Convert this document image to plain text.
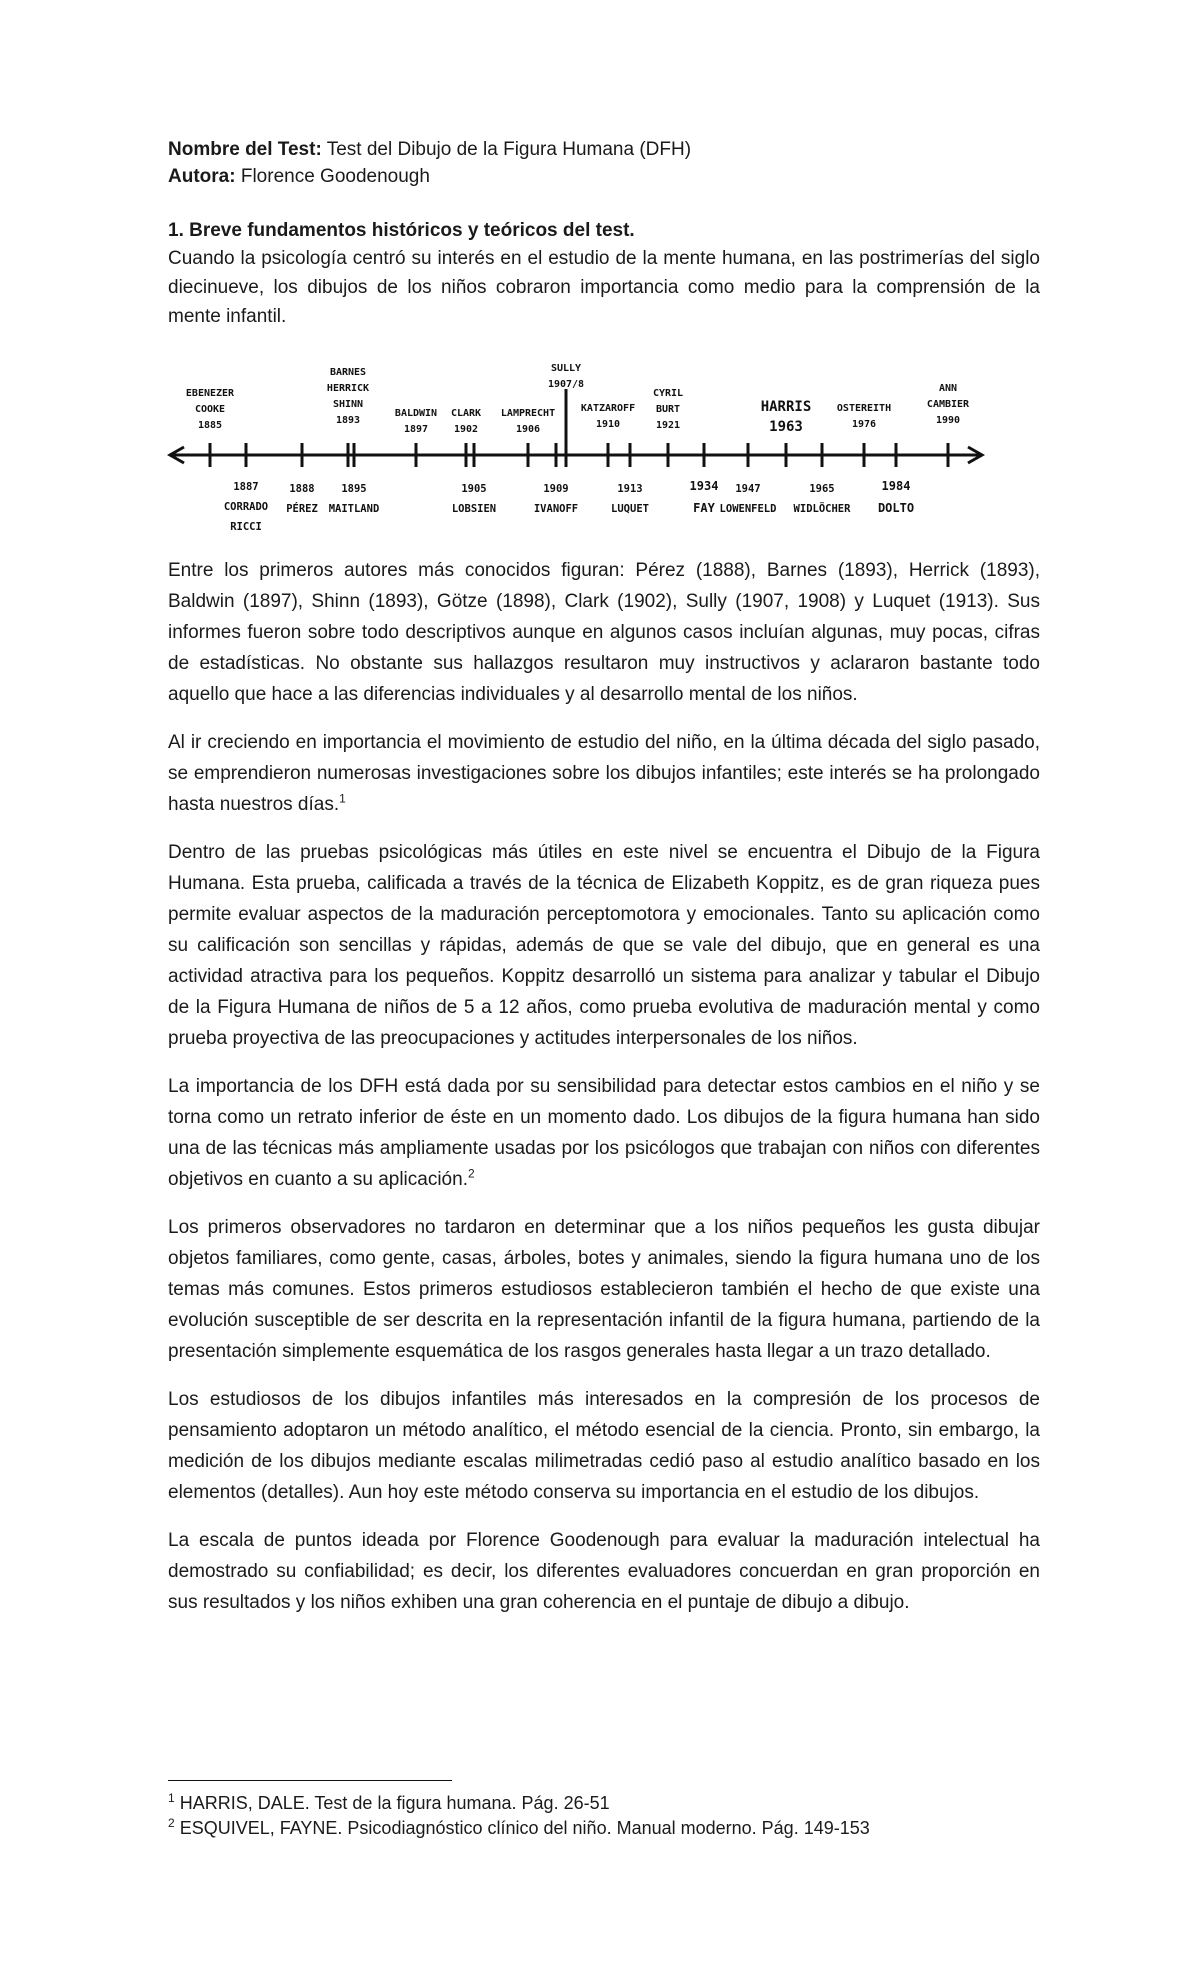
Nombre del Test: Test del Dibujo de la Figura Humana (DFH)
Autora: Florence Goodenough
1. Breve fundamentos históricos y teóricos del test.

Cuando la psicología centró su interés en el estudio de la mente humana, en las postrimerías del siglo diecinueve, los dibujos de los niños cobraron importancia como medio para la comprensión de la mente infantil.

EBENEZER
COOKE
1885
BARNES
HERRICK
SHINN
1893
BALDWIN
1897
CLARK
1902
LAMPRECHT
1906
SULLY
1907/8
KATZAROFF
1910
CYRIL
BURT
1921
HARRIS
1963
OSTEREITH
1976
ANN
CAMBIER
1990
1887
CORRADO
RICCI
1888
PÉREZ
1895
MAITLAND
1905
LOBSIEN
1909
IVANOFF
1913
LUQUET
1934
FAY
1947
LOWENFELD
1965
WIDLÖCHER
1984
DOLTO

Entre los primeros autores más conocidos figuran: Pérez (1888), Barnes (1893), Herrick (1893), Baldwin (1897), Shinn (1893), Götze (1898), Clark (1902), Sully (1907, 1908) y Luquet (1913). Sus informes fueron sobre todo descriptivos aunque en algunos casos incluían algunas, muy pocas, cifras de estadísticas. No obstante sus hallazgos resultaron muy instructivos y aclararon bastante todo aquello que hace a las diferencias individuales y al desarrollo mental de los niños.

Al ir creciendo en importancia el movimiento de estudio del niño, en la última década del siglo pasado, se emprendieron numerosas investigaciones sobre los dibujos infantiles; este interés se ha prolongado hasta nuestros días.$^1$

Dentro de las pruebas psicológicas más útiles en este nivel se encuentra el Dibujo de la Figura Humana. Esta prueba, calificada a través de la técnica de Elizabeth Koppitz, es de gran riqueza pues permite evaluar aspectos de la maduración perceptomotora y emocionales. Tanto su aplicación como su calificación son sencillas y rápidas, además de que se vale del dibujo, que en general es una actividad atractiva para los pequeños. Koppitz desarrolló un sistema para analizar y tabular el Dibujo de la Figura Humana de niños de 5 a 12 años, como prueba evolutiva de maduración mental y como prueba proyectiva de las preocupaciones y actitudes interpersonales de los niños.

La importancia de los DFH está dada por su sensibilidad para detectar estos cambios en el niño y se torna como un retrato inferior de éste en un momento dado. Los dibujos de la figura humana han sido una de las técnicas más ampliamente usadas por los psicólogos que trabajan con niños con diferentes objetivos en cuanto a su aplicación.$^2$

Los primeros observadores no tardaron en determinar que a los niños pequeños les gusta dibujar objetos familiares, como gente, casas, árboles, botes y animales, siendo la figura humana uno de los temas más comunes. Estos primeros estudiosos establecieron también el hecho de que existe una evolución susceptible de ser descrita en la representación infantil de la figura humana, partiendo de la presentación simplemente esquemática de los rasgos generales hasta llegar a un trazo detallado.

Los estudiosos de los dibujos infantiles más interesados en la compresión de los procesos de pensamiento adoptaron un método analítico, el método esencial de la ciencia. Pronto, sin embargo, la medición de los dibujos mediante escalas milimetradas cedió paso al estudio analítico basado en los elementos (detalles). Aun hoy este método conserva su importancia en el estudio de los dibujos.

La escala de puntos ideada por Florence Goodenough para evaluar la maduración intelectual ha demostrado su confiabilidad; es decir, los diferentes evaluadores concuerdan en gran proporción en sus resultados y los niños exhiben una gran coherencia en el puntaje de dibujo a dibujo.

$^1$ HARRIS, DALE. Test de la figura humana. Pág. 26-51
$^2$ ESQUIVEL, FAYNE. Psicodiagnóstico clínico del niño. Manual moderno. Pág. 149-153
